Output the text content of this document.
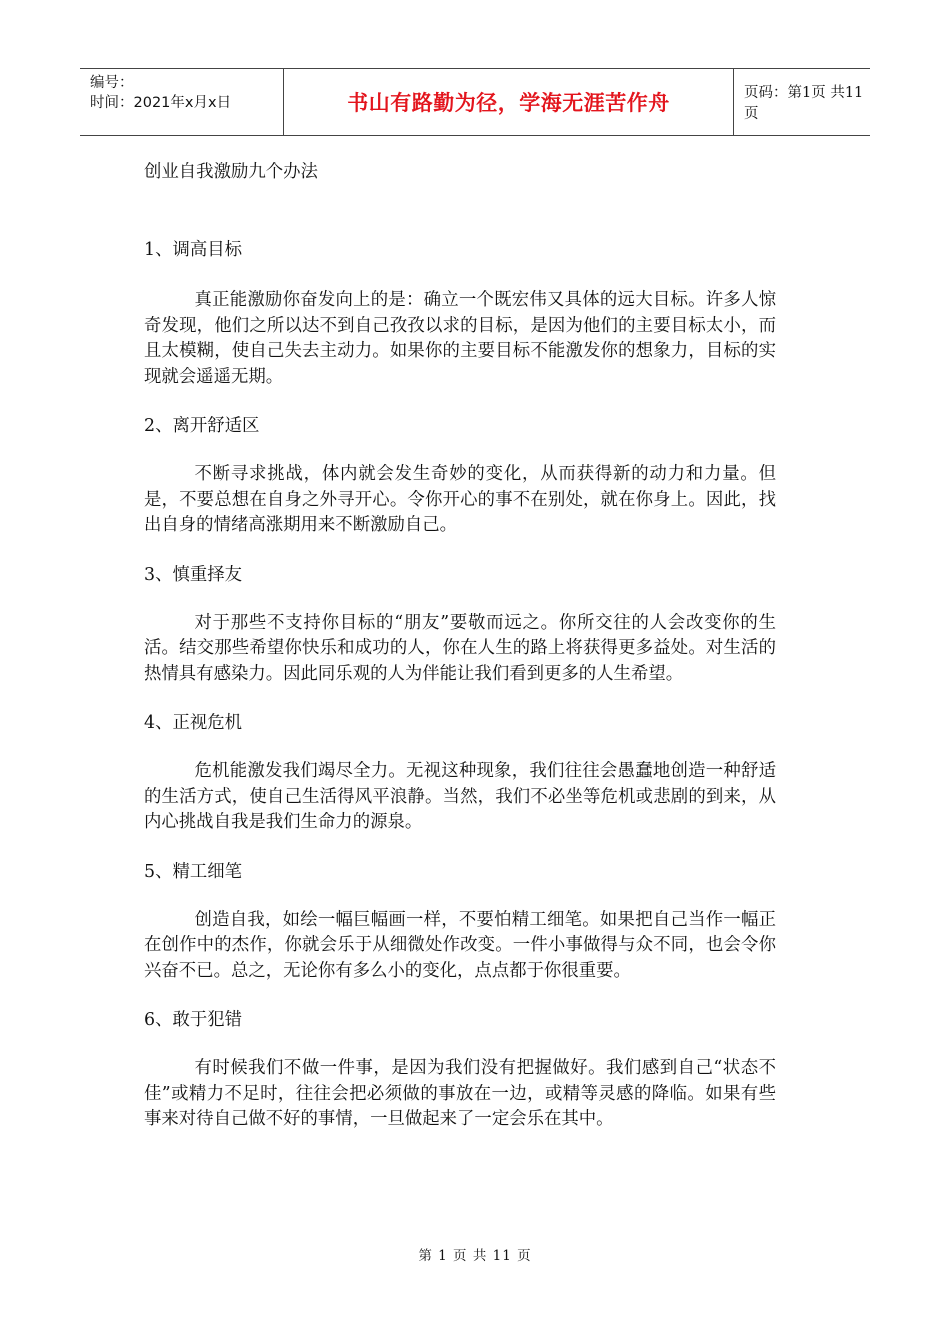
编号：
时间：2021年x月x日	书山有路勤为径，学海无涯苦作舟	页码：第1页 共11页
创业自我激励九个办法
1、调高目标

真正能激励你奋发向上的是：确立一个既宏伟又具体的远大目标。许多人惊奇发现，他们之所以达不到自己孜孜以求的目标，是因为他们的主要目标太小，而且太模糊，使自己失去主动力。如果你的主要目标不能激发你的想象力，目标的实现就会遥遥无期。

2、离开舒适区

不断寻求挑战，体内就会发生奇妙的变化，从而获得新的动力和力量。但是，不要总想在自身之外寻开心。令你开心的事不在别处，就在你身上。因此，找出自身的情绪高涨期用来不断激励自己。

3、慎重择友

对于那些不支持你目标的“朋友”要敬而远之。你所交往的人会改变你的生活。结交那些希望你快乐和成功的人，你在人生的路上将获得更多益处。对生活的热情具有感染力。因此同乐观的人为伴能让我们看到更多的人生希望。

4、正视危机

危机能激发我们竭尽全力。无视这种现象，我们往往会愚蠢地创造一种舒适的生活方式，使自己生活得风平浪静。当然，我们不必坐等危机或悲剧的到来，从内心挑战自我是我们生命力的源泉。

5、精工细笔

创造自我，如绘一幅巨幅画一样，不要怕精工细笔。如果把自己当作一幅正在创作中的杰作，你就会乐于从细微处作改变。一件小事做得与众不同，也会令你兴奋不已。总之，无论你有多么小的变化，点点都于你很重要。

6、敢于犯错

有时候我们不做一件事，是因为我们没有把握做好。我们感到自己“状态不佳”或精力不足时，往往会把必须做的事放在一边，或精等灵感的降临。如果有些事来对待自己做不好的事情，一旦做起来了一定会乐在其中。

第 1 页 共 11 页
